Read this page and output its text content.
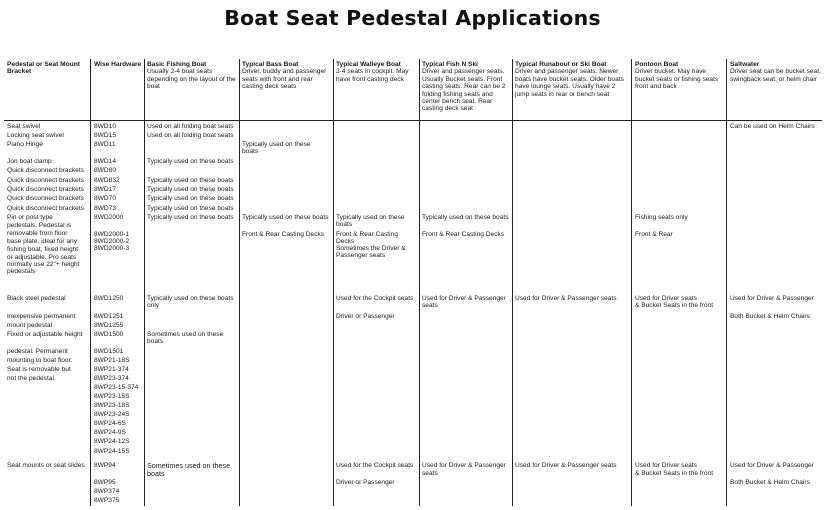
Boat Seat Pedestal Applications
Pedestal or Seat Mount Bracket
Wise Hardware Basic Fishing Boat
Usually 2-4 boat seats depending on the layout of the boat
Typical Bass Boat
Driver, buddy and passenger seats with front and rear casting deck seats
Typical Walleye Boat
2-4 seats in cockpit. May have front casting deck
Typical Fish N Ski
Driver and passenger seats. Usually Bucket seats. Front casting seats. Rear can be 2 folding fishing seats and center bench seat. Rear casting deck seat
Typical Runabout or Ski Boat
Driver and passenger seats. Newer boats have bucket seats. Older boats have lounge seats. Usually have 2 jump seats in rear or bench seat
Pontoon Boat
Driver bucket. May have bucket seats or fishing seats front and back
Saltwater
Driver seat can be bucket seat, swingback seat, or helm chair
Seat swivel
Locking seat swivel
Piano Hinge
Jon boat clamp
Quick disconnect brackets
Quick disconnect brackets
Quick disconnect brackets
Quick disconnect brackets
Quick disconnect brackets
Pin or post type
pedestals. Pedestal is
removable from floor
base plate, ideal for any
fishing boat, fixed height
or adjustable. Pro seats
normally use 22"+ height
pedestals
Black steel pedestal
Inexpensive permanent
mount pedestal
Fixed or adjustable height
pedestal. Permanent
mounting to boat floor.
Seat is removable but
not the pedestal.
Seat mounts or seat slides
8WD10
8WD15
8WD11
8WD14
8WD80
8WD832
8WD17
8WD70
8WD73
8WD2000
8WD2000-1
8WD2000-2
8WD2000-3
8WD1250
8WD1251
8WD1255
8WD1500
8WD1501
8WP21-18S
8WP21-374
8WP23-374
8WP23-15-374
8WP23-15S
8WP23-18S
8WP23-24S
8WP24-6S
8WP24-9S
8WP24-12S
8WP24-15S
8WP94
8WP95
8WP374
8WP375
Used on all folding boat seats
Used on all folding boat seats
Typically used on these boats
Typically used on these boats
Typically used on these boats
Typically used on these boats
Typically used on these boats
Typically used on these boats
Typically used on these boats
only
Sometimes used on these
boats
Sometimes used on these
boats
Typically used on these
boats
Typically used on these boats
Front & Rear Casting Decks
Typically used on these
boats
Front & Rear Casting
Decks
Sometimes the Driver &
Passenger seats
Used for the Cockpit seats
Driver or Passenger
Used for the Cockpit seats
Driver or Passenger
Typically used on these boats
Front & Rear Casting Decks
Used for Driver & Passenger
seats
Used for Driver & Passenger
seats
Used for Driver & Passenger seats
Used for Driver & Passenger seats
Fishing seats only
Front & Rear
Used for Driver seats
& Bucket Seats in the front
Used for Driver seats
& Bucket Seats in the front
Can be used on Helm Chairs
Used for Driver & Passenger
Both Bucket & Helm Chairs
Used for Driver & Passenger
Both Bucket & Helm Chairs
